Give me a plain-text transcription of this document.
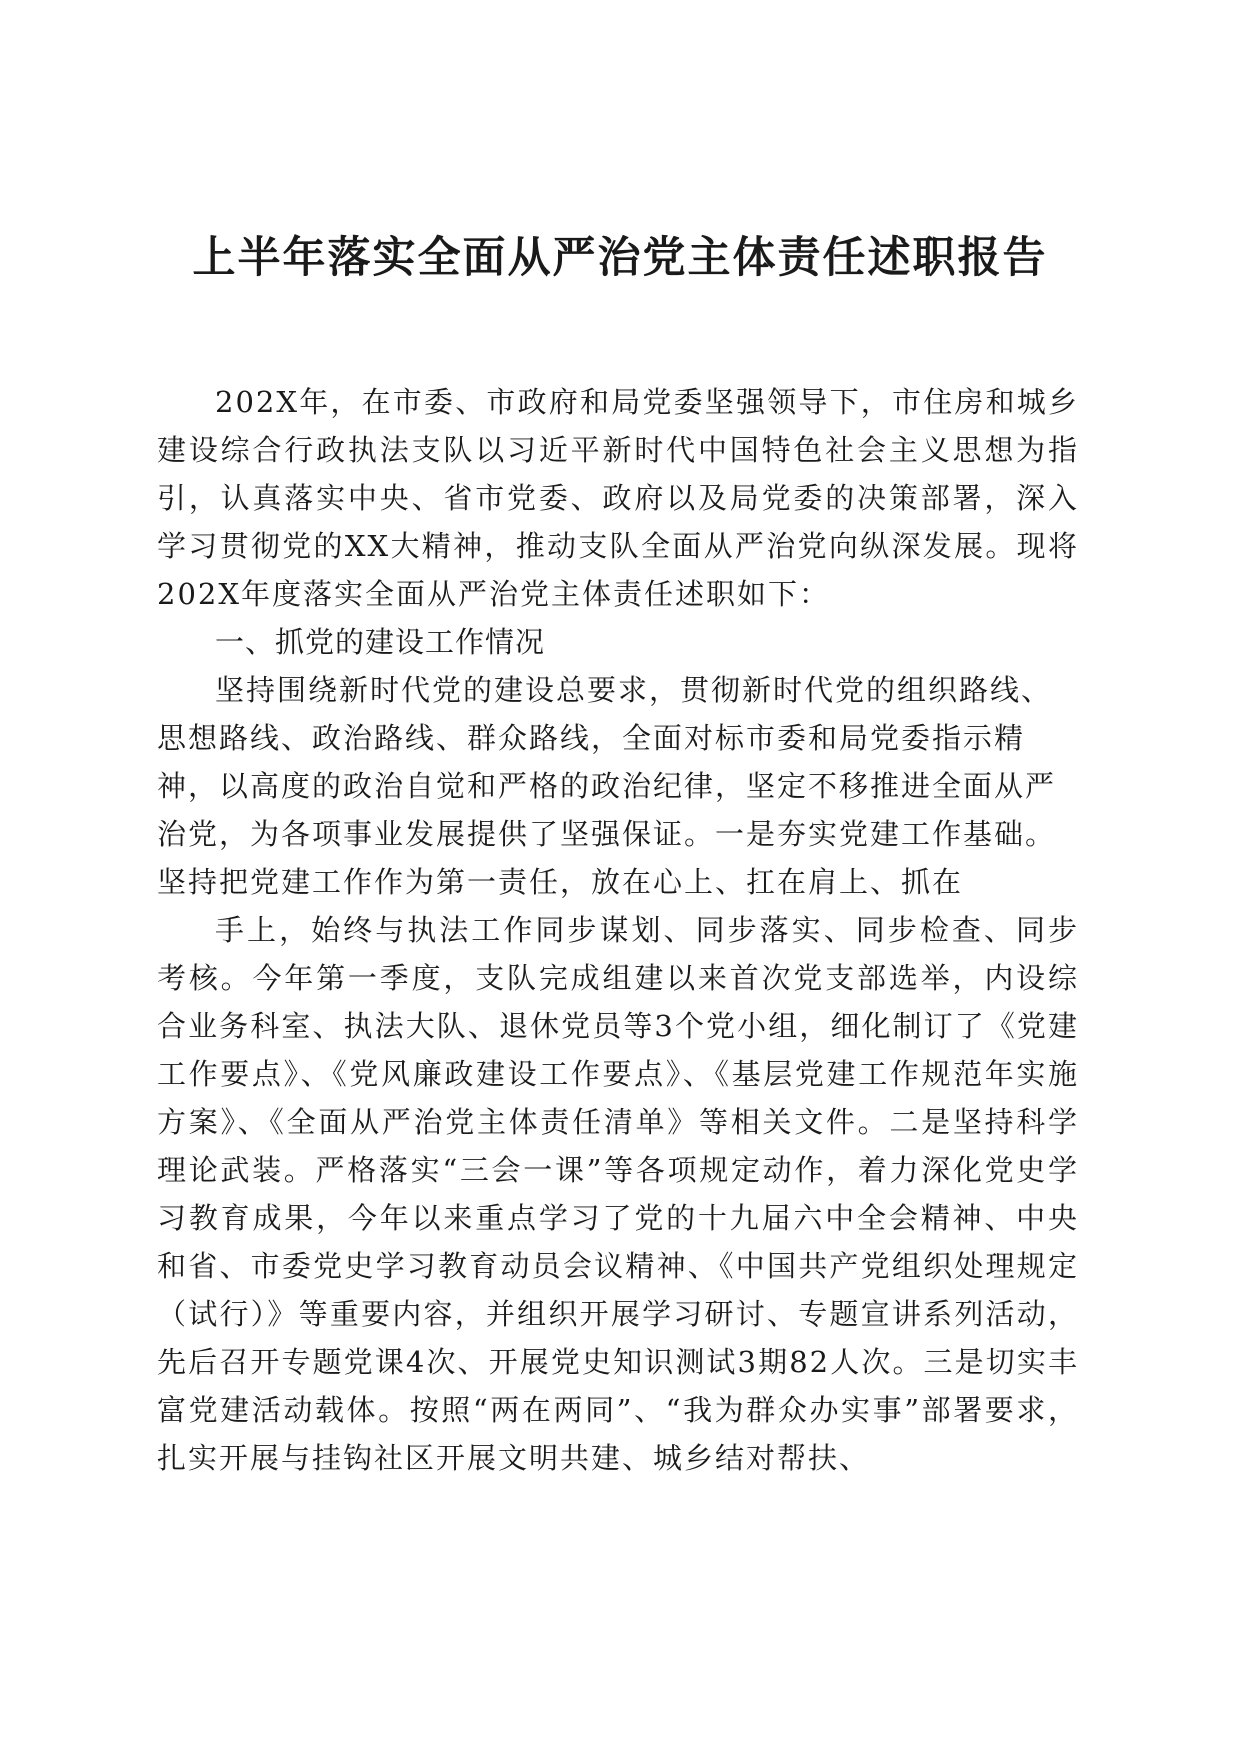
上半年落实全面从严治党主体责任述职报告

202X年，在市委、市政府和局党委坚强领导下，市住房和城乡建设综合行政执法支队以习近平新时代中国特色社会主义思想为指引，认真落实中央、省市党委、政府以及局党委的决策部署，深入学习贯彻党的XX大精神，推动支队全面从严治党向纵深发展。现将202X年度落实全面从严治党主体责任述职如下：

一、抓党的建设工作情况

坚持围绕新时代党的建设总要求，贯彻新时代党的组织路线、思想路线、政治路线、群众路线，全面对标市委和局党委指示精神，以高度的政治自觉和严格的政治纪律，坚定不移推进全面从严治党，为各项事业发展提供了坚强保证。一是夯实党建工作基础。坚持把党建工作作为第一责任，放在心上、扛在肩上、抓在

手上，始终与执法工作同步谋划、同步落实、同步检查、同步考核。今年第一季度，支队完成组建以来首次党支部选举，内设综合业务科室、执法大队、退休党员等3个党小组，细化制订了《党建工作要点》、《党风廉政建设工作要点》、《基层党建工作规范年实施方案》、《全面从严治党主体责任清单》等相关文件。二是坚持科学理论武装。严格落实“三会一课”等各项规定动作，着力深化党史学习教育成果，今年以来重点学习了党的十九届六中全会精神、中央和省、市委党史学习教育动员会议精神、《中国共产党组织处理规定（试行）》等重要内容，并组织开展学习研讨、专题宣讲系列活动，先后召开专题党课4次、开展党史知识测试3期82人次。三是切实丰富党建活动载体。按照“两在两同”、“我为群众办实事”部署要求，扎实开展与挂钩社区开展文明共建、城乡结对帮扶、
